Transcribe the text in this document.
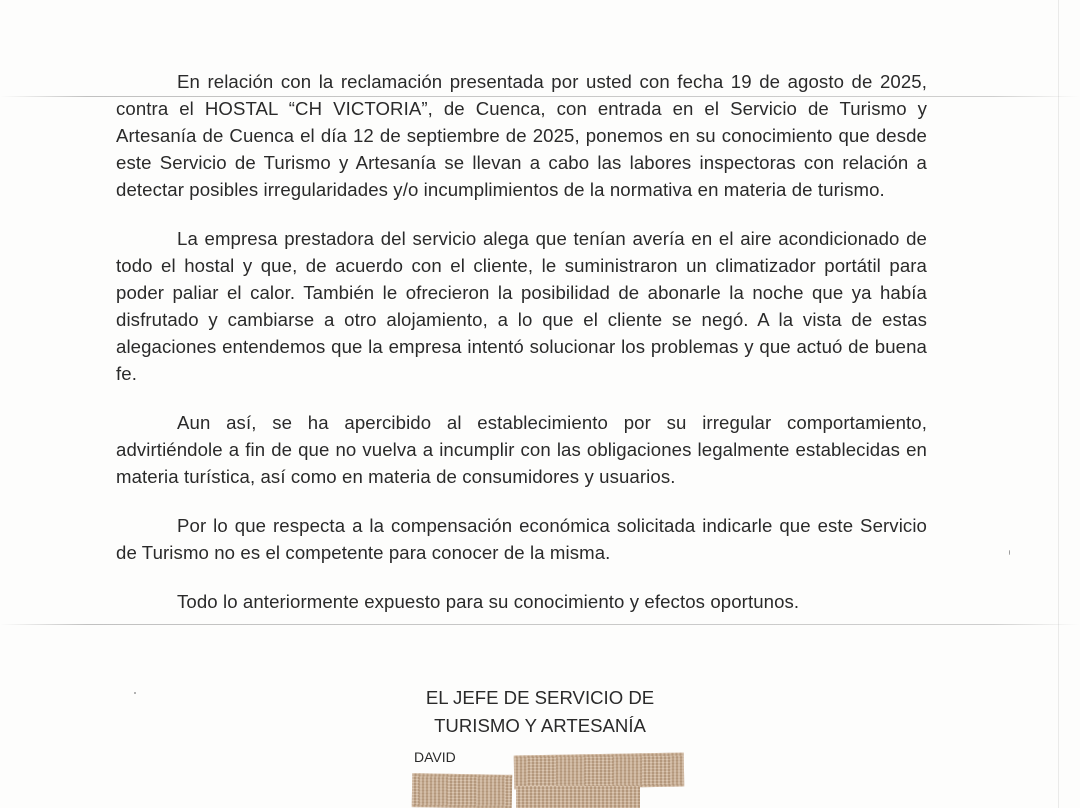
En relación con la reclamación presentada por usted con fecha 19 de agosto de 2025, contra el HOSTAL “CH VICTORIA”, de Cuenca, con entrada en el Servicio de Turismo y Artesanía de Cuenca el día 12 de septiembre de 2025, ponemos en su conocimiento que desde este Servicio de Turismo y Artesanía se llevan a cabo las labores inspectoras con relación a detectar posibles irregularidades y/o incumplimientos de la normativa en materia de turismo.

La empresa prestadora del servicio alega que tenían avería en el aire acondicionado de todo el hostal y que, de acuerdo con el cliente, le suministraron un climatizador portátil para poder paliar el calor. También le ofrecieron la posibilidad de abonarle la noche que ya había disfrutado y cambiarse a otro alojamiento, a lo que el cliente se negó. A la vista de estas alegaciones entendemos que la empresa intentó solucionar los problemas y que actuó de buena fe.

Aun así, se ha apercibido al establecimiento por su irregular comportamiento, advirtiéndole a fin de que no vuelva a incumplir con las obligaciones legalmente establecidas en materia turística, así como en materia de consumidores y usuarios.

Por lo que respecta a la compensación económica solicitada indicarle que este Servicio de Turismo no es el competente para conocer de la misma.

Todo lo anteriormente expuesto para su conocimiento y efectos oportunos.

EL JEFE DE SERVICIO DE
TURISMO Y ARTESANÍA
DAVID
